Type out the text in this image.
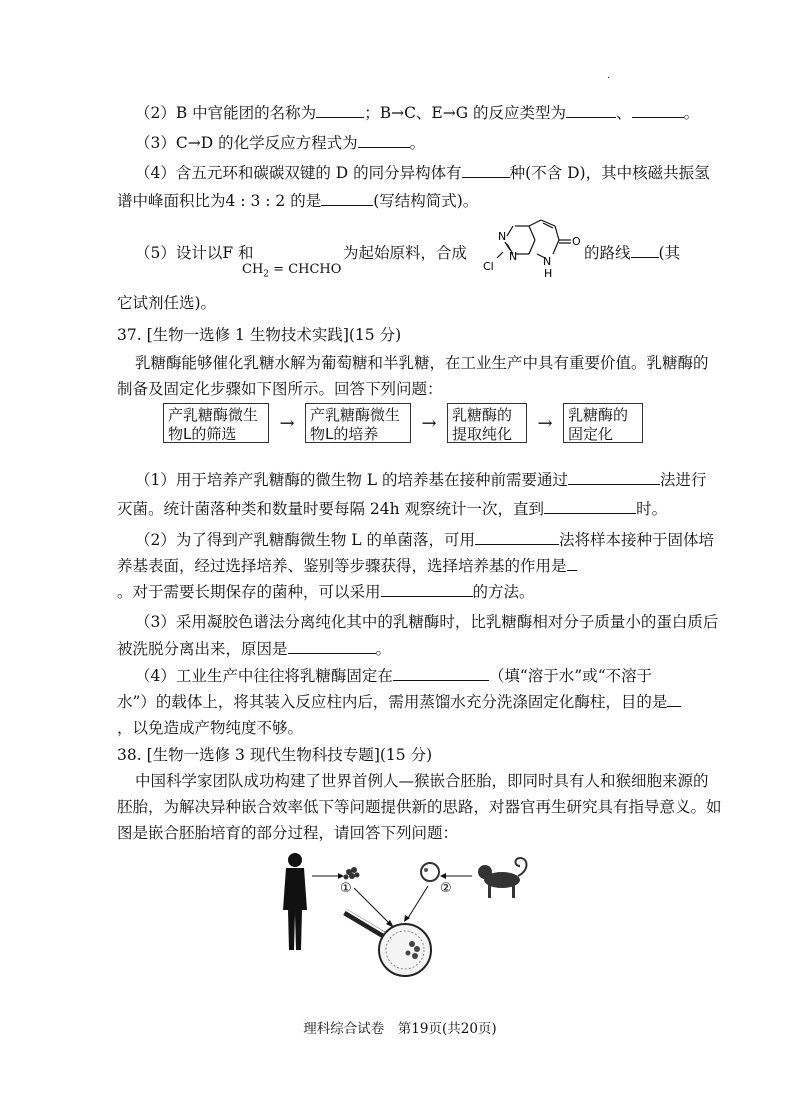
.
（2）B 中官能团的名称为	；B→C、E→G 的反应类型为	、	。
（3）C→D 的化学反应方程式为	。
（4）含五元环和碳碳双键的 D 的同分异构体有	种(不含 D)，其中核磁共振氢
谱中峰面积比为4 : 3 : 2 的是	(写结构简式)。
（5）设计以F 和
$CH_2$ = CHCHO
为起始原料，合成
N
N
Cl	N
H
O
的路线 (其
它试剂任选)。
37. [生物一选修 1 生物技术实践](15 分)
乳糖酶能够催化乳糖水解为葡萄糖和半乳糖，在工业生产中具有重要价值。乳糖酶的
制备及固定化步骤如下图所示。回答下列问题：
产乳糖酶微生
物L的筛选
→	产乳糖酶微生
物L的培养
→	乳糖酶的
提取纯化
→	乳糖酶的
固定化
（1）用于培养产乳糖酶的微生物 L 的培养基在接种前需要通过	法进行
灭菌。统计菌落种类和数量时要每隔 24h 观察统计一次，直到	时。
（2）为了得到产乳糖酶微生物 L 的单菌落，可用	法将样本接种于固体培
养基表面，经过选择培养、鉴别等步骤获得，选择培养基的作用是
。对于需要长期保存的菌种，可以采用	的方法。
（3）采用凝胶色谱法分离纯化其中的乳糖酶时，比乳糖酶相对分子质量小的蛋白质后
被洗脱分离出来，原因是	。
（4）工业生产中往往将乳糖酶固定在	（填“溶于水”或“不溶于
水”）的载体上，将其装入反应柱内后，需用蒸馏水充分洗涤固定化酶柱，目的是
，以免造成产物纯度不够。
38. [生物一选修 3 现代生物科技专题](15 分)
中国科学家团队成功构建了世界首例人—猴嵌合胚胎，即同时具有人和猴细胞来源的
胚胎，为解决异种嵌合效率低下等问题提供新的思路，对器官再生研究具有指导意义。如
图是嵌合胚胎培育的部分过程，请回答下列问题：
①	②
理科综合试卷　第19页(共20页)
